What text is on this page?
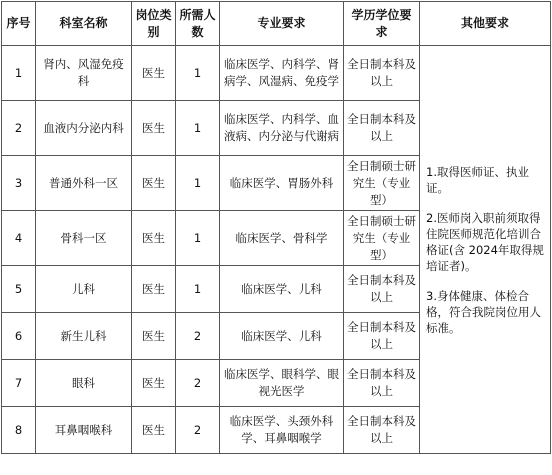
序号	科室名称	岗位类别	所需人数	专业要求	学历学位要求	其他要求
1	肾内、风湿免疫科	医生	1	临床医学、内科学、肾病学、风湿病、免疫学	全日制本科及以上	1.取得医师证、执业证。

2.医师岗入职前须取得住院医师规范化培训合格证(含 2024年取得规培证者)。

3.身体健康、体检合格，符合我院岗位用人标准。

2	血液内分泌内科	医生	1	临床医学、内科学、血液病、内分泌与代谢病	全日制本科及以上	
3	普通外科一区	医生	1	临床医学、胃肠外科	全日制硕士研究生（专业型）	
4	骨科一区	医生	1	临床医学、骨科学	全日制硕士研究生（专业型）	
5	儿科	医生	1	临床医学、儿科	全日制本科及以上	
6	新生儿科	医生	2	临床医学、儿科	全日制本科及以上	
7	眼科	医生	2	临床医学、眼科学、眼视光医学	全日制本科及以上	
8	耳鼻咽喉科	医生	2	临床医学、头颈外科学、耳鼻咽喉学	全日制本科及以上	
